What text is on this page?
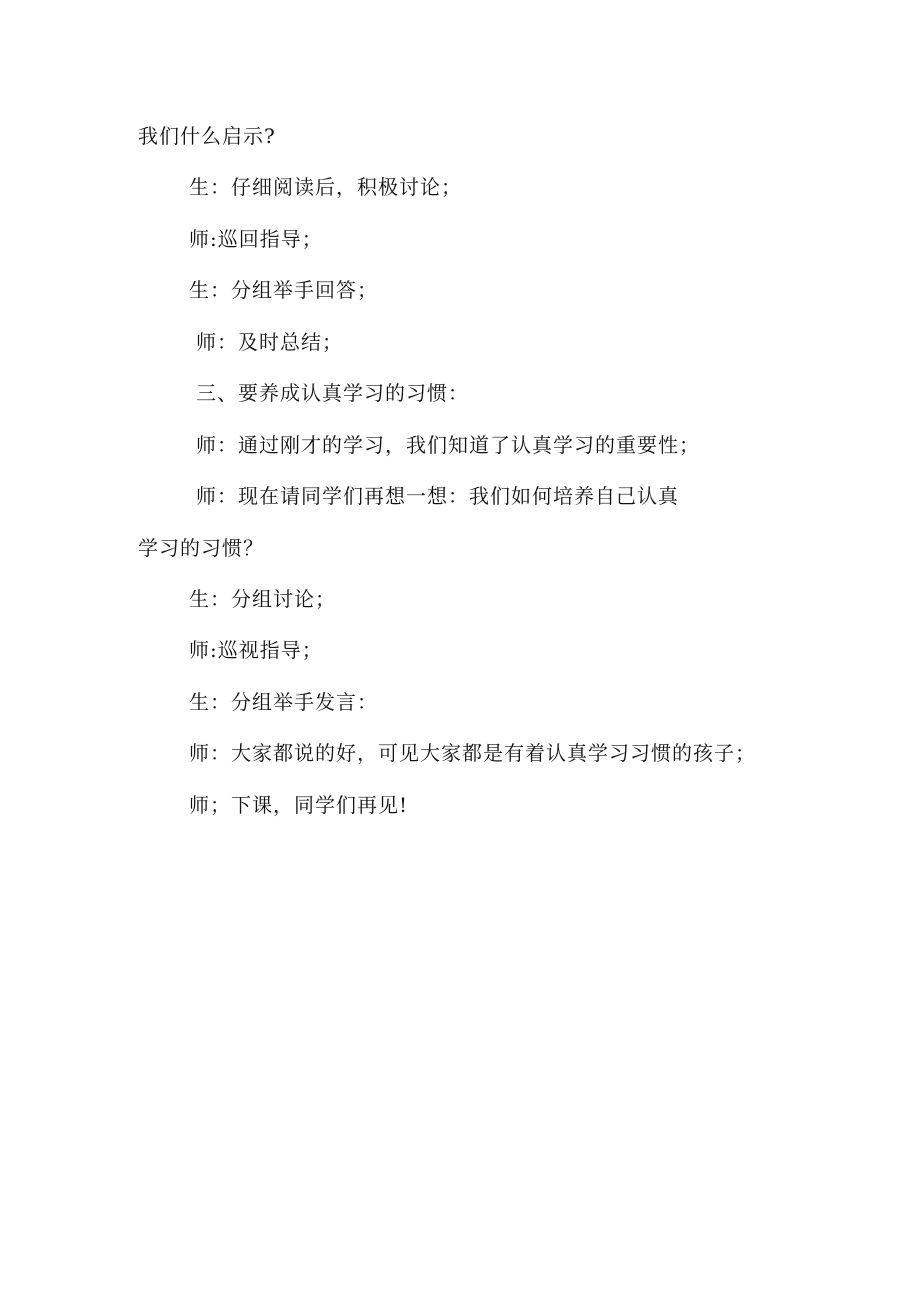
我们什么启示?
生：仔细阅读后，积极讨论；
师:巡回指导；
生：分组举手回答；
师：及时总结；
三、要养成认真学习的习惯：
师：通过刚才的学习，我们知道了认真学习的重要性；
师：现在请同学们再想一想：我们如何培养自己认真
学习的习惯？
生：分组讨论；
师:巡视指导；
生：分组举手发言：
师：大家都说的好，可见大家都是有着认真学习习惯的孩子；
师；下课，同学们再见!
